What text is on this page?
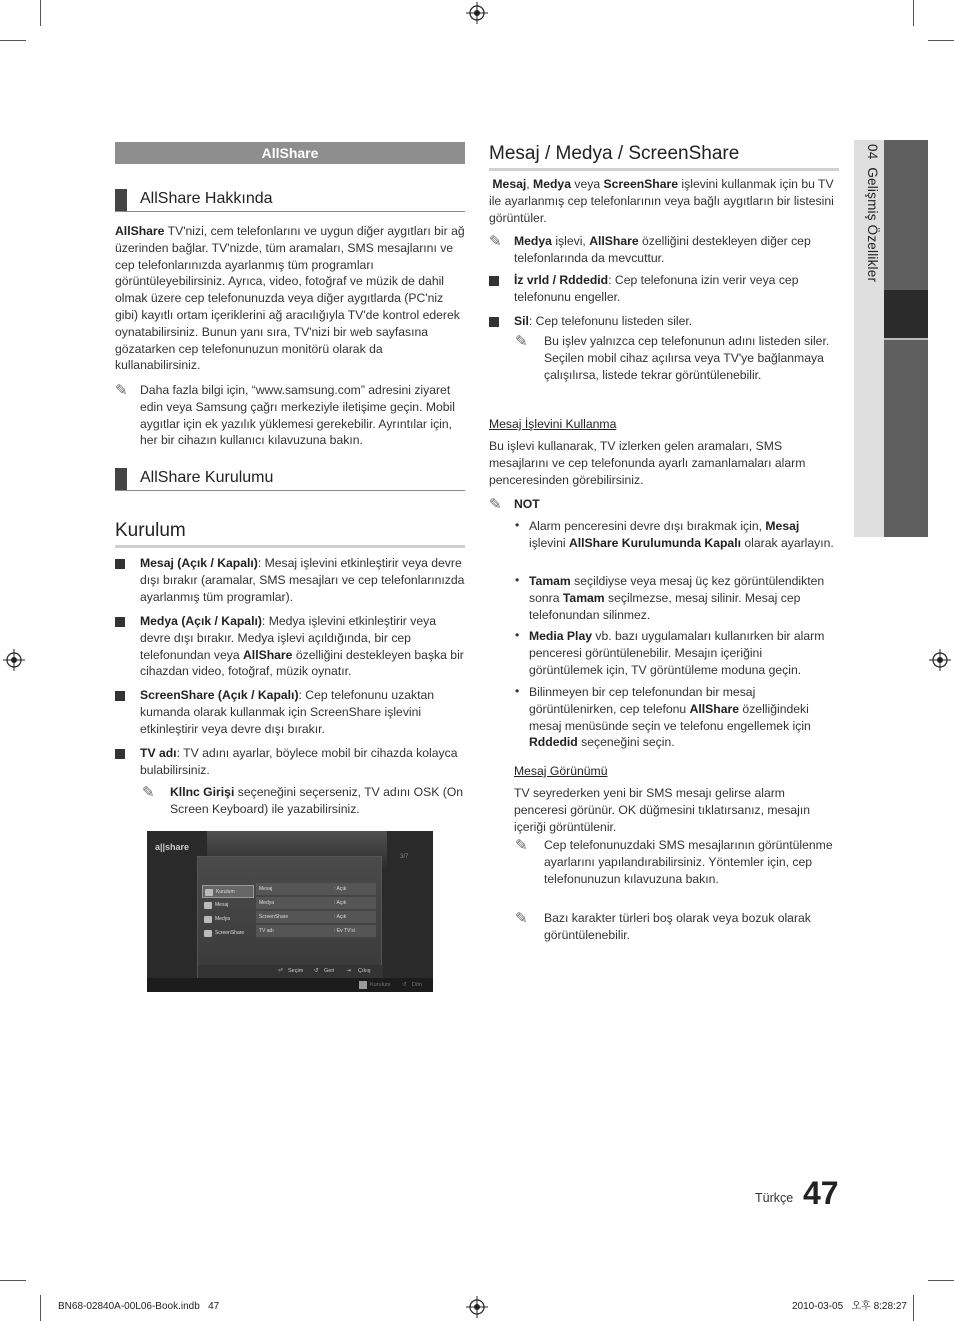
AllShare
AllShare Hakkında
AllShare TV'nizi, cem telefonlarını ve uygun diğer aygıtları bir ağ üzerinden bağlar. TV'nizde, tüm aramaları, SMS mesajlarını ve cep telefonlarınızda ayarlanmış tüm programları görüntüleyebilirsiniz. Ayrıca, video, fotoğraf ve müzik de dahil olmak üzere cep telefonunuzda veya diğer aygıtlarda (PC'niz gibi) kayıtlı ortam içeriklerini ağ aracılığıyla TV'de kontrol ederek oynatabilirsiniz. Bunun yanı sıra, TV'nizi bir web sayfasına gözatarken cep telefonunuzun monitörü olarak da kullanabilirsiniz.
✎	Daha fazla bilgi için, “www.samsung.com” adresini ziyaret edin veya Samsung çağrı merkeziyle iletişime geçin. Mobil aygıtlar için ek yazılık yüklemesi gerekebilir. Ayrıntılar için, her bir cihazın kullanıcı kılavuzuna bakın.
AllShare Kurulumu
Kurulum
Mesaj (Açık / Kapalı): Mesaj işlevini etkinleştirir veya devre dışı bırakır (aramalar, SMS mesajları ve cep telefonlarınızda ayarlanmış tüm programlar).
Medya (Açık / Kapalı): Medya işlevini etkinleştirir veya devre dışı bırakır. Medya işlevi açıldığında, bir cep telefonundan veya AllShare özelliğini destekleyen başka bir cihazdan video, fotoğraf, müzik oynatır.
ScreenShare (Açık / Kapalı): Cep telefonunu uzaktan kumanda olarak kullanmak için ScreenShare işlevini etkinleştirir veya devre dışı bırakır.
TV adı: TV adını ayarlar, böylece mobil bir cihazda kolayca bulabilirsiniz.
✎	Kllnc Girişi seçeneğini seçerseniz, TV adını OSK (On Screen Keyboard) ile yazabilirsiniz.
a||share
3/7
Kurulum
Mesaj
Medya
ScreenShare
Mesaj	: Açık
Medya	: Açık
ScreenShare	: Açık
TV adı	: Ev TV'si
⏎ Seçim ↺ Geri ⇥ Çıkış
Kurulum ↺ Dön
Mesaj / Medya / ScreenShare
Mesaj, Medya veya ScreenShare işlevini kullanmak için bu TV ile ayarlanmış cep telefonlarının veya bağlı aygıtların bir listesini görüntüler.
✎	Medya işlevi, AllShare özelliğini destekleyen diğer cep telefonlarında da mevcuttur.
İz vrld / Rddedid: Cep telefonuna izin verir veya cep telefonunu engeller.
Sil: Cep telefonunu listeden siler.
✎	Bu işlev yalnızca cep telefonunun adını listeden siler. Seçilen mobil cihaz açılırsa veya TV'ye bağlanmaya çalışılırsa, listede tekrar görüntülenebilir.
Mesaj İşlevini Kullanma
Bu işlevi kullanarak, TV izlerken gelen aramaları, SMS mesajlarını ve cep telefonunda ayarlı zamanlamaları alarm penceresinden görebilirsiniz.
✎	NOT
• Alarm penceresini devre dışı bırakmak için, Mesaj işlevini AllShare Kurulumunda Kapalı olarak ayarlayın.
• Tamam seçildiyse veya mesaj üç kez görüntülendikten sonra Tamam seçilmezse, mesaj silinir. Mesaj cep telefonundan silinmez.
• Media Play vb. bazı uygulamaları kullanırken bir alarm penceresi görüntülenebilir. Mesajın içeriğini görüntülemek için, TV görüntüleme moduna geçin.
• Bilinmeyen bir cep telefonundan bir mesaj görüntülenirken, cep telefonu AllShare özelliğindeki mesaj menüsünde seçin ve telefonu engellemek için Rddedid seçeneğini seçin.
Mesaj Görünümü
TV seyrederken yeni bir SMS mesajı gelirse alarm penceresi görünür. OK düğmesini tıklatırsanız, mesajın içeriği görüntülenir.
✎	Cep telefonunuzdaki SMS mesajlarının görüntülenme ayarlarını yapılandırabilirsiniz. Yöntemler için, cep telefonunuzun kılavuzuna bakın.
✎	Bazı karakter türleri boş olarak veya bozuk olarak görüntülenebilir.
04  Gelişmiş Özellikler
Türkçe 47
BN68-02840A-00L06-Book.indb   47	2010-03-05   오후 8:28:27
